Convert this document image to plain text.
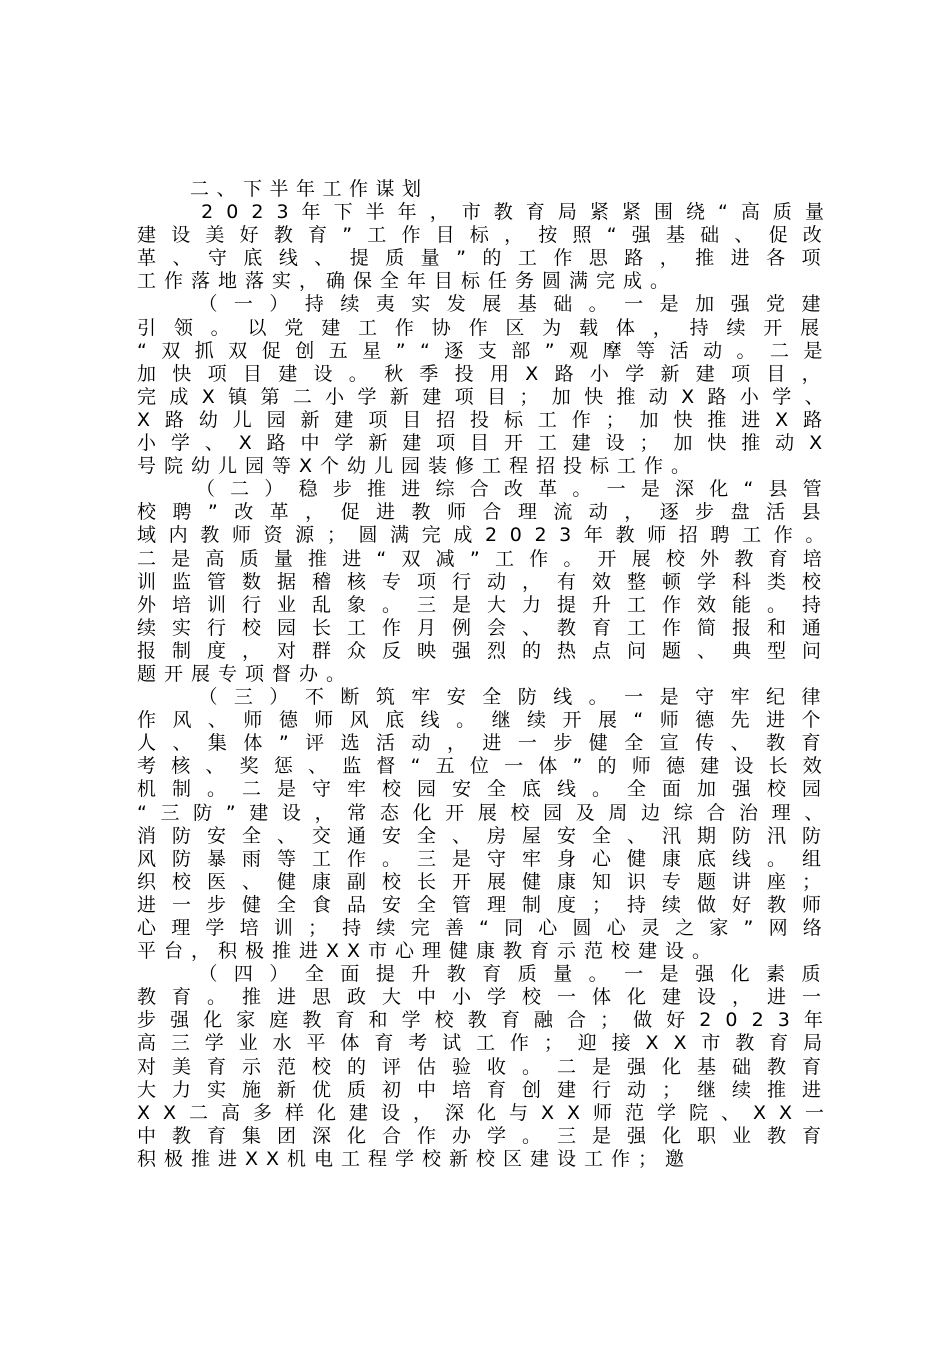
　　二、下半年工作谋划
　　2023年下半年，市教育局紧紧围绕“高质量
建设美好教育”工作目标，按照“强基础、促改
革、守底线、提质量”的工作思路，推进各项
工作落地落实，确保全年目标任务圆满完成。
　　（一）持续夷实发展基础。一是加强党建
引领。以党建工作协作区为载体，持续开展
“双抓双促创五星”“逐支部”观摩等活动。二是
加快项目建设。秋季投用X路小学新建项目，
完成X镇第二小学新建项目；加快推动X路小学、
X路幼儿园新建项目招投标工作；加快推进X路
小学、X路中学新建项目开工建设；加快推动X
号院幼儿园等X个幼儿园装修工程招投标工作。
　　（二）稳步推进综合改革。一是深化“县管
校聘”改革，促进教师合理流动，逐步盘活县
域内教师资源；圆满完成2023年教师招聘工作。
二是高质量推进“双减”工作。开展校外教育培
训监管数据稽核专项行动，有效整顿学科类校
外培训行业乱象。三是大力提升工作效能。持
续实行校园长工作月例会、教育工作简报和通
报制度，对群众反映强烈的热点问题、典型问
题开展专项督办。
　　（三）不断筑牢安全防线。一是守牢纪律
作风、师德师风底线。继续开展“师德先进个
人、集体”评选活动，进一步健全宣传、教育
考核、奖惩、监督“五位一体”的师德建设长效
机制。二是守牢校园安全底线。全面加强校园
“三防”建设，常态化开展校园及周边综合治理、
消防安全、交通安全、房屋安全、汛期防汛防
风防暴雨等工作。三是守牢身心健康底线。组
织校医、健康副校长开展健康知识专题讲座；
进一步健全食品安全管理制度；持续做好教师
心理学培训；持续完善“同心圆心灵之家”网络
平台，积极推进XX市心理健康教育示范校建设。
　　（四）全面提升教育质量。一是强化素质
教育。推进思政大中小学校一体化建设，进一
步强化家庭教育和学校教育融合；做好2023年
高三学业水平体育考试工作；迎接XX市教育局
对美育示范校的评估验收。二是强化基础教育
大力实施新优质初中培育创建行动；继续推进
XX二高多样化建设，深化与XX师范学院、XX一
中教育集团深化合作办学。三是强化职业教育
积极推进XX机电工程学校新校区建设工作；邀
